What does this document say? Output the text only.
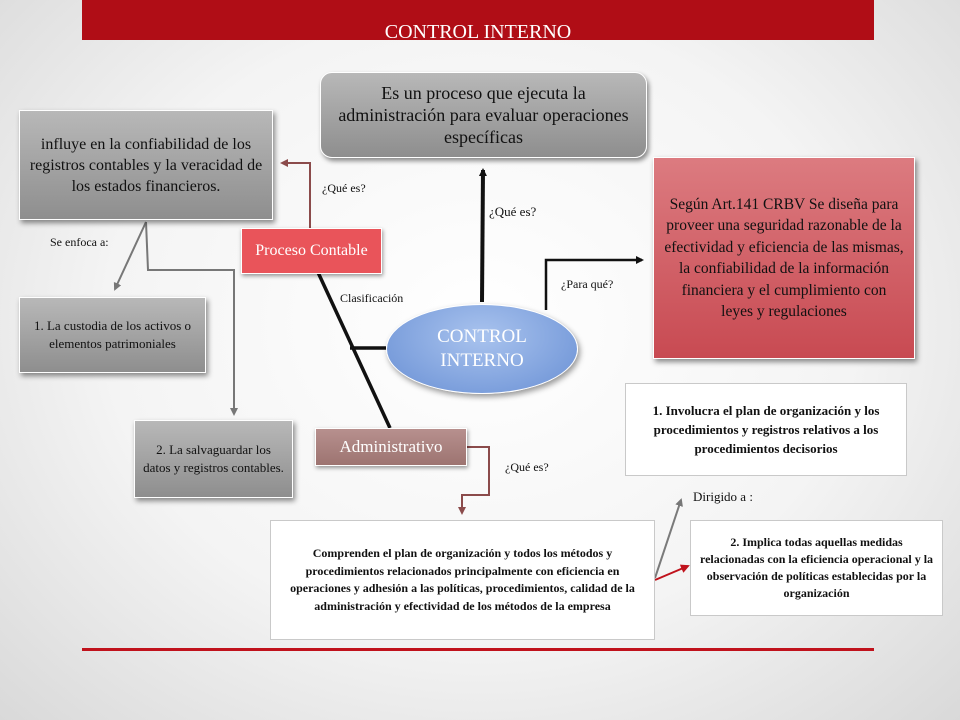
CONTROL INTERNO
Es un proceso que ejecuta la administración para evaluar operaciones específicas
influye en la confiabilidad de los registros contables y la veracidad de los estados financieros.
1. La custodia de los activos o elementos patrimoniales
2. La salvaguardar los datos y registros contables.
Según Art.141 CRBV Se diseña para proveer una seguridad razonable de la efectividad y eficiencia de las mismas, la confiabilidad de la información financiera y el cumplimiento con leyes y regulaciones
Proceso Contable
Administrativo
CONTROL INTERNO
1. Involucra el plan de organización y los procedimientos y registros relativos a los procedimientos decisorios
Comprenden el plan de organización y todos los métodos y procedimientos relacionados principalmente con eficiencia en operaciones y adhesión a las políticas, procedimientos, calidad de la administración y efectividad de los métodos de la empresa
2. Implica todas aquellas medidas relacionadas con la eficiencia operacional y la observación de políticas establecidas por la organización
¿Qué es?
¿Qué es?
¿Para qué?
Clasificación
Se enfoca a:
¿Qué es?
Dirigido a :
